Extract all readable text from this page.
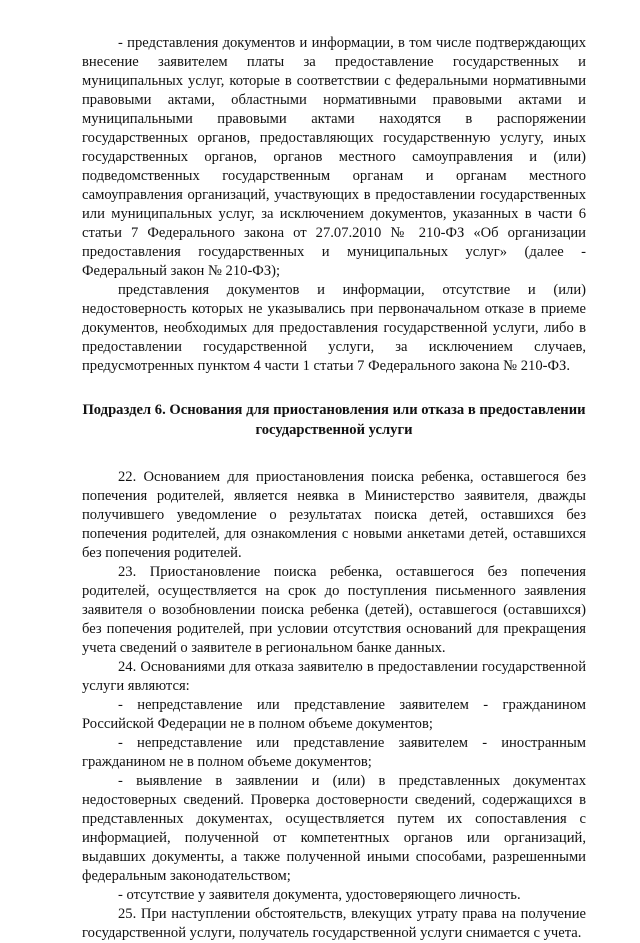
- представления документов и информации, в том числе подтверждающих внесение заявителем платы за предоставление государственных и муниципальных услуг, которые в соответствии с федеральными нормативными правовыми актами, областными нормативными правовыми актами и муниципальными правовыми актами находятся в распоряжении государственных органов, предоставляющих государственную услугу, иных государственных органов, органов местного самоуправления и (или) подведомственных государственным органам и органам местного самоуправления организаций, участвующих в предоставлении государственных или муниципальных услуг, за исключением документов, указанных в части 6 статьи 7 Федерального закона от 27.07.2010 № 210-ФЗ «Об организации предоставления государственных и муниципальных услуг» (далее - Федеральный закон № 210-ФЗ);

представления документов и информации, отсутствие и (или) недостоверность которых не указывались при первоначальном отказе в приеме документов, необходимых для предоставления государственной услуги, либо в предоставлении государственной услуги, за исключением случаев, предусмотренных пунктом 4 части 1 статьи 7 Федерального закона № 210-ФЗ.

Подраздел 6. Основания для приостановления или отказа в предоставлении государственной услуги

22. Основанием для приостановления поиска ребенка, оставшегося без попечения родителей, является неявка в Министерство заявителя, дважды получившего уведомление о результатах поиска детей, оставшихся без попечения родителей, для ознакомления с новыми анкетами детей, оставшихся без попечения родителей.

23. Приостановление поиска ребенка, оставшегося без попечения родителей, осуществляется на срок до поступления письменного заявления заявителя о возобновлении поиска ребенка (детей), оставшегося (оставшихся) без попечения родителей, при условии отсутствия оснований для прекращения учета сведений о заявителе в региональном банке данных.

24. Основаниями для отказа заявителю в предоставлении государственной услуги являются:

- непредставление или представление заявителем - гражданином Российской Федерации не в полном объеме документов;

- непредставление или представление заявителем - иностранным гражданином не в полном объеме документов;

- выявление в заявлении и (или) в представленных документах недостоверных сведений. Проверка достоверности сведений, содержащихся в представленных документах, осуществляется путем их сопоставления с информацией, полученной от компетентных органов или организаций, выдавших документы, а также полученной иными способами, разрешенными федеральным законодательством;

- отсутствие у заявителя документа, удостоверяющего личность.

25. При наступлении обстоятельств, влекущих утрату права на получение государственной услуги, получатель государственной услуги снимается с учета.
